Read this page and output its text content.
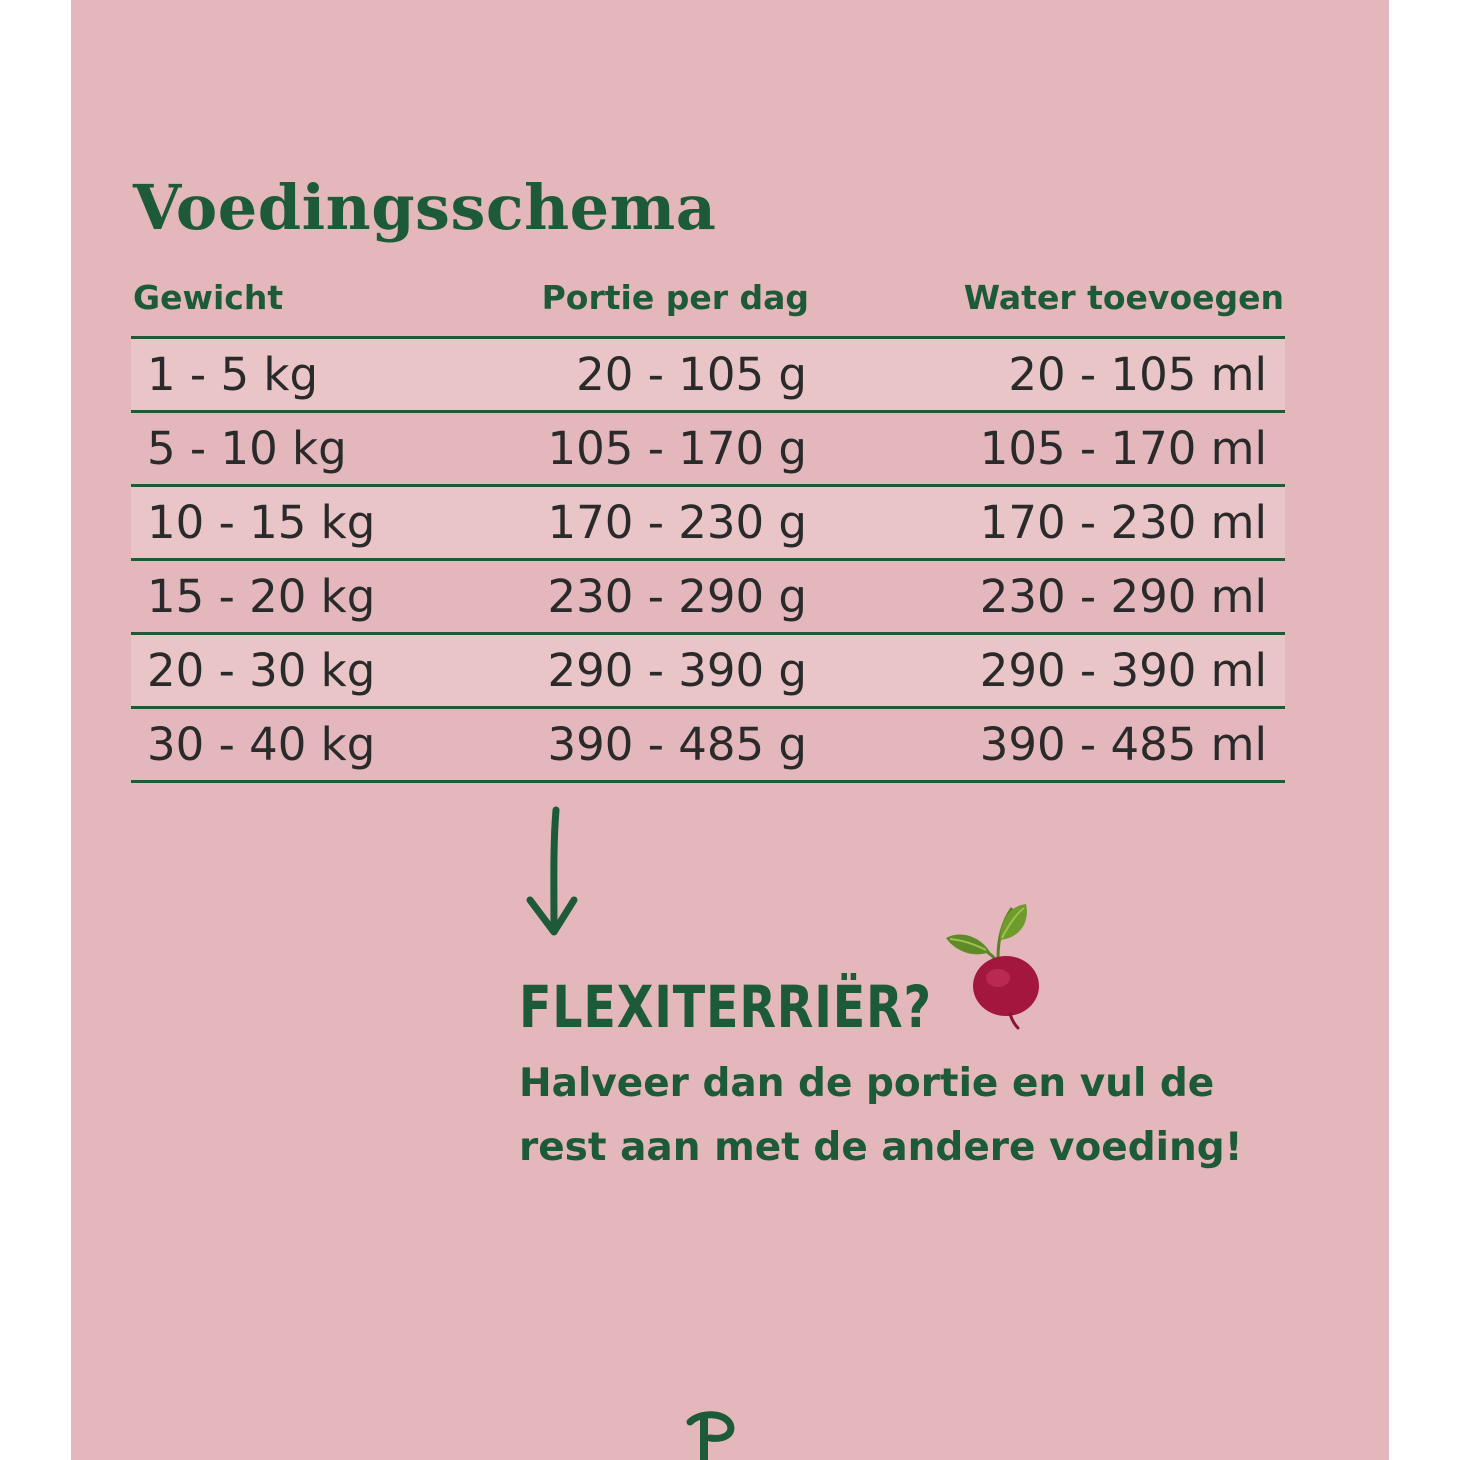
Voedingsschema
Gewicht	Portie per dag	Water toevoegen
1 - 5 kg	20 - 105 g	20 - 105 ml
5 - 10 kg	105 - 170 g	105 - 170 ml
10 - 15 kg	170 - 230 g	170 - 230 ml
15 - 20 kg	230 - 290 g	230 - 290 ml
20 - 30 kg	290 - 390 g	290 - 390 ml
30 - 40 kg	390 - 485 g	390 - 485 ml
FLEXITERRIËR?

Halveer dan de portie en vul de rest aan met de andere voeding!
